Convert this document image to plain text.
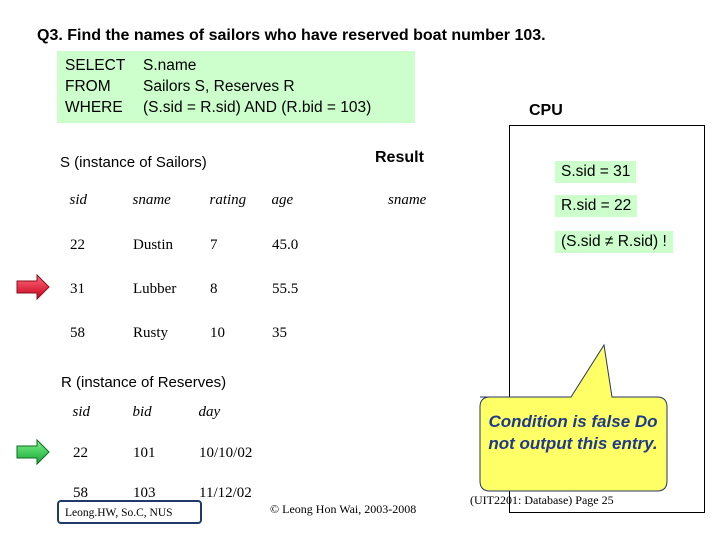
Q3. Find the names of sailors who have reserved boat number 103.
SELECT	S.name
FROM	Sailors S, Reserves R
WHERE	(S.sid = R.sid) AND (R.bid = 103)	CPU
S.sid = 31
R.sid = 22
(S.sid ≠ R.sid) !
Result
sname
S (instance of Sailors)
sid	sname	rating	age
22	Dustin	7	45.0
31	Lubber	8	55.5
58	Rusty	10	35
R (instance of Reserves)
sid	bid	day
22	101	10/10/02
58	103	11/12/02
Condition is false Do not output this entry.
Leong.HW, So.C, NUS	© Leong Hon Wai, 2003-2008
(UIT2201: Database) Page 25
